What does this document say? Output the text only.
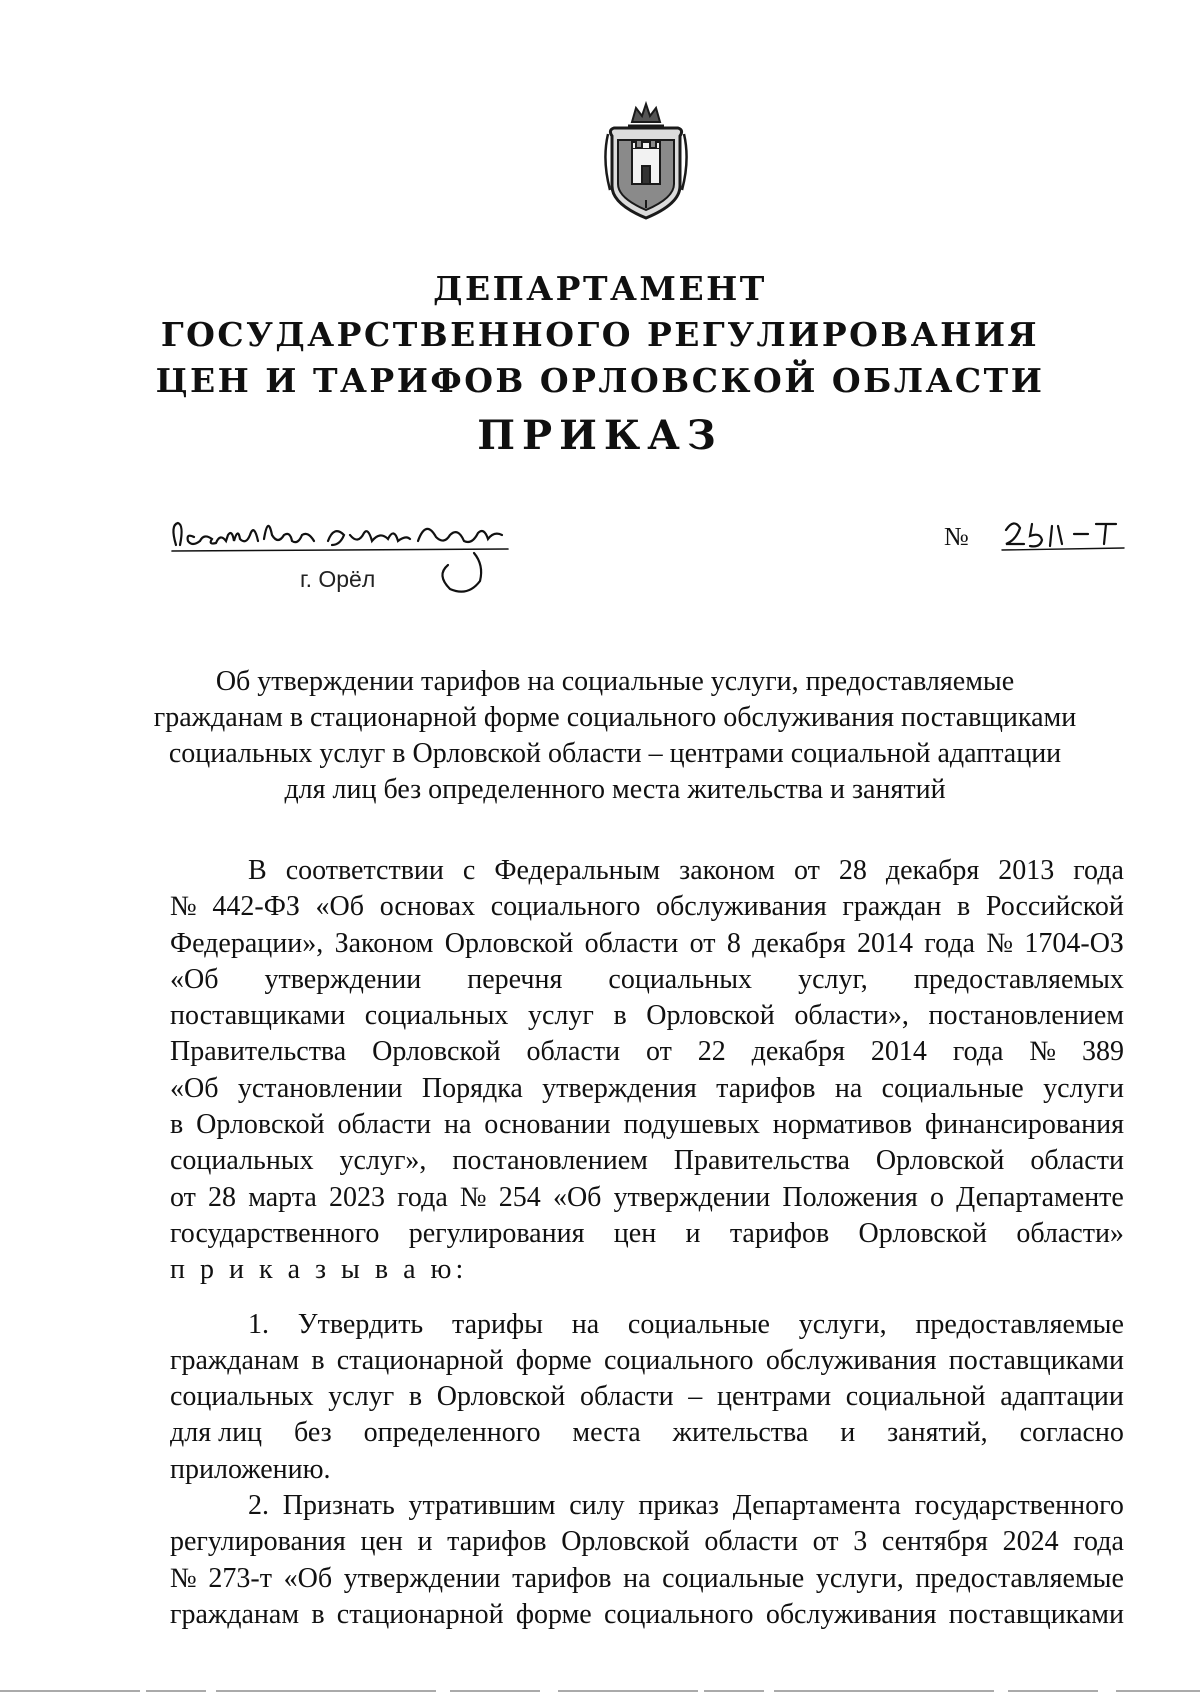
ДЕПАРТАМЕНТ
ГОСУДАРСТВЕННОГО РЕГУЛИРОВАНИЯ
ЦЕН И ТАРИФОВ ОРЛОВСКОЙ ОБЛАСТИ
ПРИКАЗ
г. Орёл
№
Об утверждении тарифов на социальные услуги, предоставляемые
гражданам в стационарной форме социального обслуживания поставщиками
социальных услуг в Орловской области – центрами социальной адаптации
для лиц без определенного места жительства и занятий
В соответствии с Федеральным законом от 28 декабря 2013 года
№ 442-ФЗ «Об основах социального обслуживания граждан в Российской
Федерации», Законом Орловской области от 8 декабря 2014 года № 1704-ОЗ
«Об утверждении перечня социальных услуг, предоставляемых
поставщиками социальных услуг в Орловской области», постановлением
Правительства Орловской области от 22 декабря 2014 года № 389
«Об установлении Порядка утверждения тарифов на социальные услуги
в Орловской области на основании подушевых нормативов финансирования
социальных услуг», постановлением Правительства Орловской области
от 28 марта 2023 года № 254 «Об утверждении Положения о Департаменте
государственного регулирования цен и тарифов Орловской области»
п р и к а з ы в а ю:
1. Утвердить тарифы на социальные услуги, предоставляемые
гражданам в стационарной форме социального обслуживания поставщиками
социальных услуг в Орловской области – центрами социальной адаптации
для лиц без определенного места жительства и занятий, согласно
приложению.
2. Признать утратившим силу приказ Департамента государственного
регулирования цен и тарифов Орловской области от 3 сентября 2024 года
№ 273-т «Об утверждении тарифов на социальные услуги, предоставляемые
гражданам в стационарной форме социального обслуживания поставщиками
